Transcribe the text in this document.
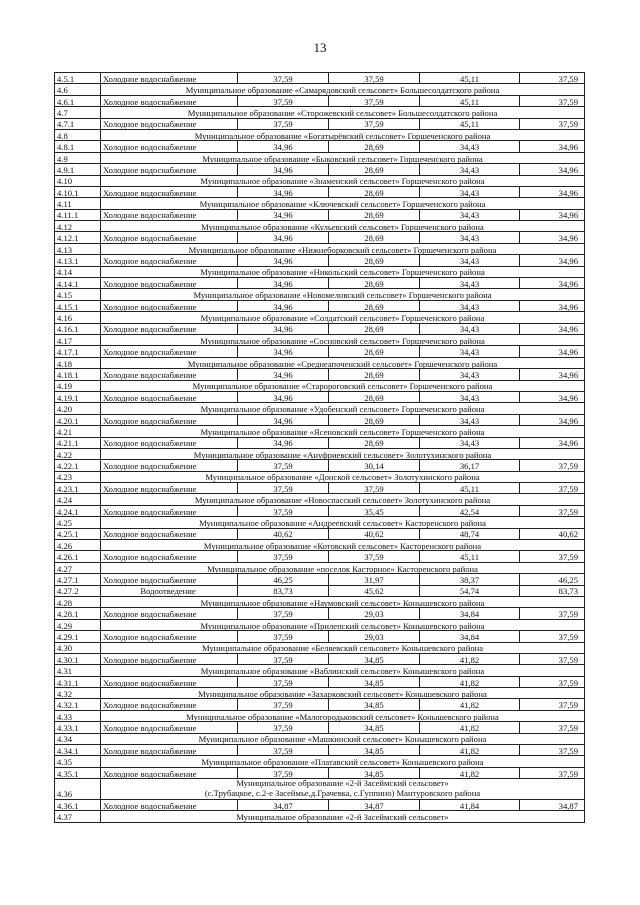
13
4.5.1	Холодное водоснабжение	37,59	37,59	45,11	37,59
4.6	Муниципальное образование «Самарядовский сельсовет» Большесолдатского района				
4.6.1	Холодное водоснабжение	37,59	37,59	45,11	37,59
4.7	Муниципальное образование «Сторожевский сельсовет» Большесолдатского района				
4.7.1	Холодное водоснабжение	37,59	37,59	45,11	37,59
4.8	Муниципальное образование «Богатырёвский сельсовет» Горшеченского района				
4.8.1	Холодное водоснабжение	34,96	28,69	34,43	34,96
4.9	Муниципальное образование «Быковский сельсовет» Горшеченского района				
4.9.1	Холодное водоснабжение	34,96	28,69	34,43	34,96
4.10	Муниципальное образование «Знаменский сельсовет» Горшеченского района				
4.10.1	Холодное водоснабжение	34,96	28,69	34,43	34,96
4.11	Муниципальное образование «Ключевский сельсовет» Горшеченского района				
4.11.1	Холодное водоснабжение	34,96	28,69	34,43	34,96
4.12	Муниципальное образование «Кульевский сельсовет» Горшеченского района				
4.12.1	Холодное водоснабжение	34,96	28,69	34,43	34,96
4.13	Муниципальное образование «Нижнеборковский сельсовет» Горшеченского района				
4.13.1	Холодное водоснабжение	34,96	28,69	34,43	34,96
4.14	Муниципальное образование «Никольский сельсовет» Горшеченского района				
4.14.1	Холодное водоснабжение	34,96	28,69	34,43	34,96
4.15	Муниципальное образование «Новомеловский сельсовет» Горшеченского района				
4.15.1	Холодное водоснабжение	34,96	28,69	34,43	34,96
4.16	Муниципальное образование «Солдатский сельсовет» Горшеченского района				
4.16.1	Холодное водоснабжение	34,96	28,69	34,43	34,96
4.17	Муниципальное образование «Сосновский сельсовет» Горшеченского района				
4.17.1	Холодное водоснабжение	34,96	28,69	34,43	34,96
4.18	Муниципальное образование «Среднеапоченский сельсовет» Горшеченского района				
4.18.1	Холодное водоснабжение	34,96	28,69	34,43	34,96
4.19	Муниципальное образование «Старороговский сельсовет» Горшеченского района				
4.19.1	Холодное водоснабжение	34,96	28,69	34,43	34,96
4.20	Муниципальное образование «Удобенский сельсовет» Горшеченского района				
4.20.1	Холодное водоснабжение	34,96	28,69	34,43	34,96
4.21	Муниципальное образование «Ясеновский сельсовет» Горшеченского района				
4.21.1	Холодное водоснабжение	34,96	28,69	34,43	34,96
4.22	Муниципальное образование «Ануфриевский сельсовет» Золотухинского района				
4.22.1	Холодное водоснабжение	37,59	30,14	36,17	37,59
4.23	Муниципальное образование «Донской сельсовет» Золотухинского района				
4.23.1	Холодное водоснабжение	37,59	37,59	45,11	37,59
4.24	Муниципальное образование «Новоспасский сельсовет» Золотухинского района				
4.24.1	Холодное водоснабжение	37,59	35,45	42,54	37,59
4.25	Муниципальное образование «Андреевский сельсовет» Касторенского района				
4.25.1	Холодное водоснабжение	40,62	40,62	48,74	40,62
4.26	Муниципальное образование «Котовский сельсовет» Касторенского района				
4.26.1	Холодное водоснабжение	37,59	37,59	45,11	37,59
4.27	Муниципальное образование «поселок Касторное» Касторенского района				
4.27.1	Холодное водоснабжение	46,25	31,97	38,37	46,25
4.27.2	Водоотведение	83,73	45,62	54,74	83,73
4.28	Муниципальное образование «Наумовский сельсовет» Конышевского района				
4.28.1	Холодное водоснабжение	37,59	29,03	34,84	37,59
4.29	Муниципальное образование «Прилепский сельсовет» Конышевского района				
4.29.1	Холодное водоснабжение	37,59	29,03	34,84	37,59
4.30	Муниципальное образование «Беляевский сельсовет» Конышевского района				
4.30.1	Холодное водоснабжение	37,59	34,85	41,82	37,59
4.31	Муниципальное образование «Ваблинский сельсовет» Конышевского района				
4.31.1	Холодное водоснабжение	37,59	34,85	41,82	37,59
4.32	Муниципальное образование «Захарковский сельсовет» Конышевского района				
4.32.1	Холодное водоснабжение	37,59	34,85	41,82	37,59
4.33	Муниципальное образование «Малогородьковский сельсовет» Конышевского района				
4.33.1	Холодное водоснабжение	37,59	34,85	41,82	37,59
4.34	Муниципальное образование «Машкинский сельсовет» Конышевского района				
4.34.1	Холодное водоснабжение	37,59	34,85	41,82	37,59
4.35	Муниципальное образование «Платавский сельсовет» Конышевского района				
4.35.1	Холодное водоснабжение	37,59	34,85	41,82	37,59
4.36	Муниципальное образование «2-й Засеймский сельсовет»
(с.Трубацкое, с.2-е Засеймье,д.Грачевка, с.Гуппино) Мантуровского района				

4.36.1	Холодное водоснабжение	34,87	34,87	41,84	34,87
4.37	Муниципальное образование «2-й Засеймский сельсовет»				
